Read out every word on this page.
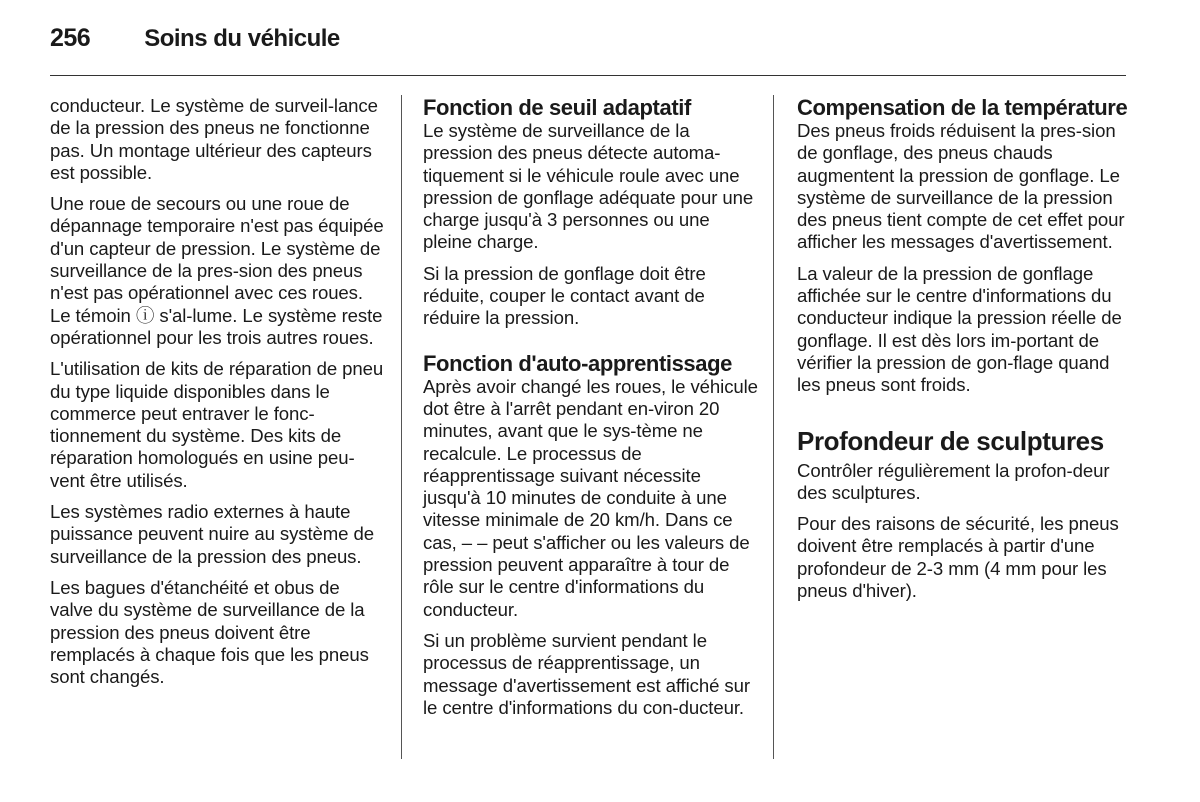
256 Soins du véhicule

conducteur. Le système de surveil-lance de la pression des pneus ne fonctionne pas. Un montage ultérieur des capteurs est possible.

Une roue de secours ou une roue de dépannage temporaire n'est pas équipée d'un capteur de pression. Le système de surveillance de la pres-sion des pneus n'est pas opérationnel avec ces roues. Le témoin ⓘ s'al-lume. Le système reste opérationnel pour les trois autres roues.

L'utilisation de kits de réparation de pneu du type liquide disponibles dans le commerce peut entraver le fonc-tionnement du système. Des kits de réparation homologués en usine peu-vent être utilisés.

Les systèmes radio externes à haute puissance peuvent nuire au système de surveillance de la pression des pneus.

Les bagues d'étanchéité et obus de valve du système de surveillance de la pression des pneus doivent être remplacés à chaque fois que les pneus sont changés.

Fonction de seuil adaptatif

Le système de surveillance de la pression des pneus détecte automa-tiquement si le véhicule roule avec une pression de gonflage adéquate pour une charge jusqu'à 3 personnes ou une pleine charge.

Si la pression de gonflage doit être réduite, couper le contact avant de réduire la pression.

Fonction d'auto-apprentissage

Après avoir changé les roues, le véhicule dot être à l'arrêt pendant en-viron 20 minutes, avant que le sys-tème ne recalcule. Le processus de réapprentissage suivant nécessite jusqu'à 10 minutes de conduite à une vitesse minimale de 20 km/h. Dans ce cas, – – peut s'afficher ou les valeurs de pression peuvent apparaître à tour de rôle sur le centre d'informations du conducteur.

Si un problème survient pendant le processus de réapprentissage, un message d'avertissement est affiché sur le centre d'informations du con-ducteur.

Compensation de la température

Des pneus froids réduisent la pres-sion de gonflage, des pneus chauds augmentent la pression de gonflage. Le système de surveillance de la pression des pneus tient compte de cet effet pour afficher les messages d'avertissement.

La valeur de la pression de gonflage affichée sur le centre d'informations du conducteur indique la pression réelle de gonflage. Il est dès lors im-portant de vérifier la pression de gon-flage quand les pneus sont froids.

Profondeur de sculptures

Contrôler régulièrement la profon-deur des sculptures.

Pour des raisons de sécurité, les pneus doivent être remplacés à partir d'une profondeur de 2-3 mm (4 mm pour les pneus d'hiver).
